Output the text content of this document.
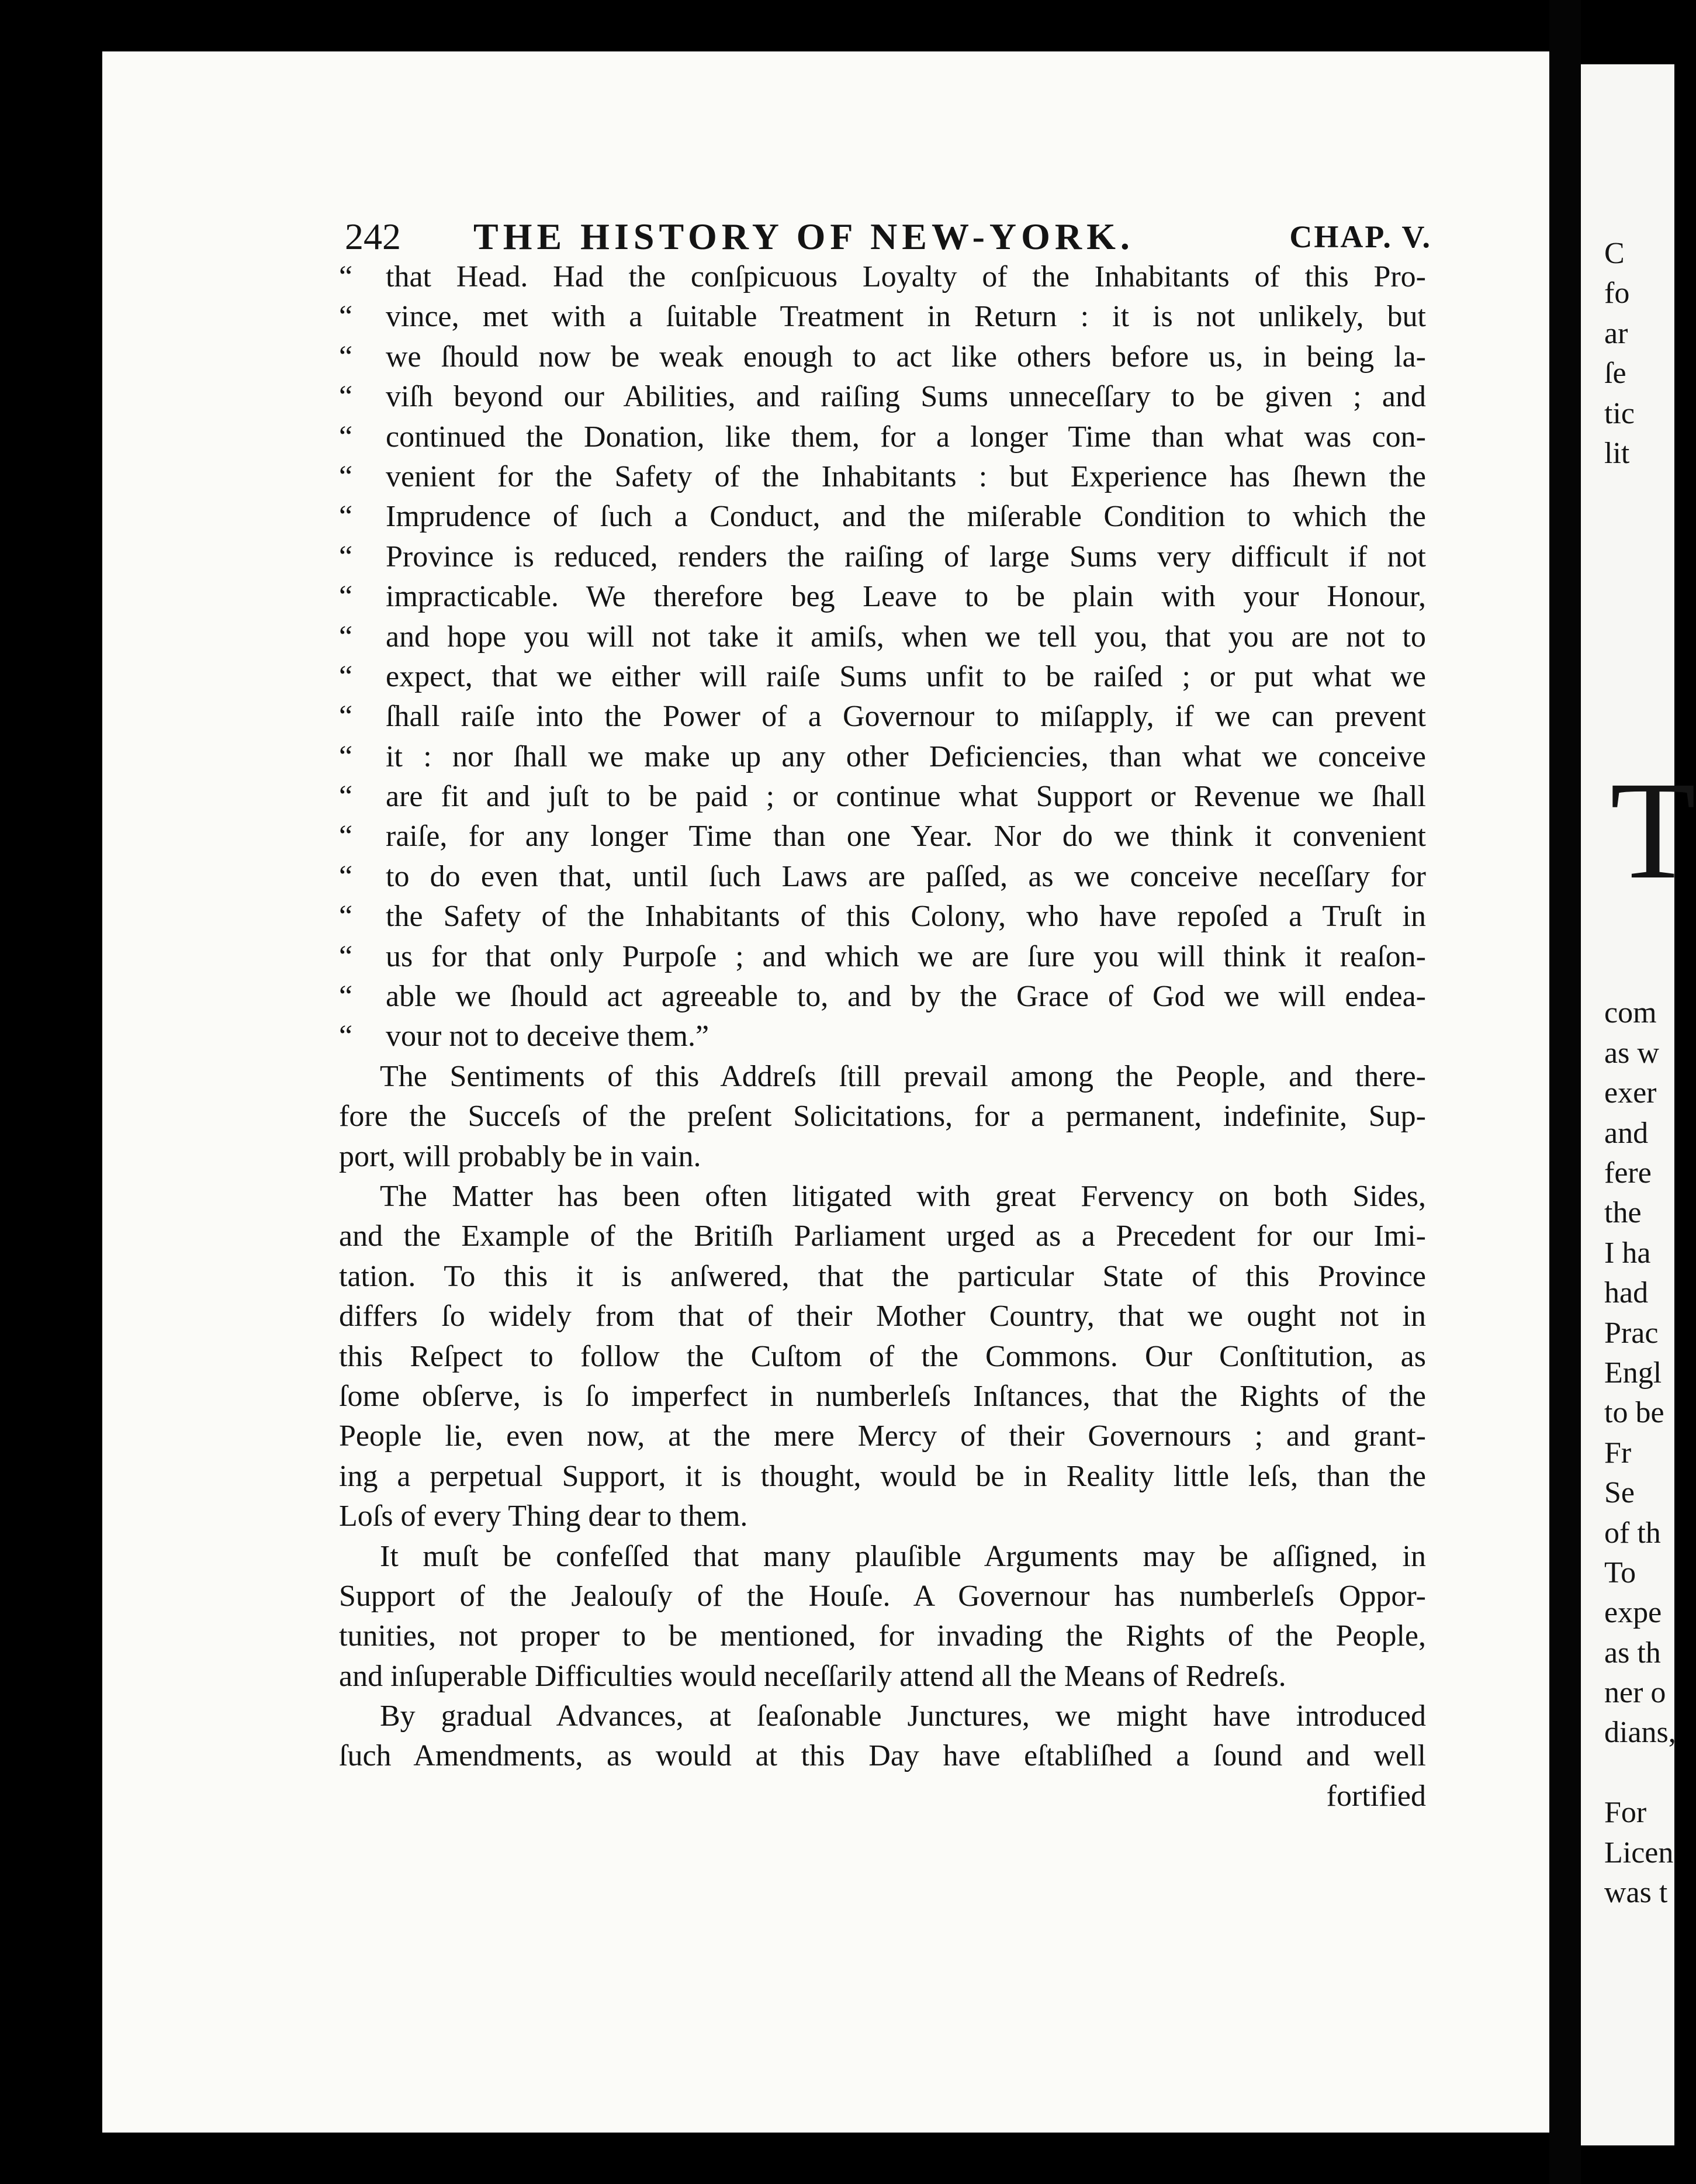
242 THE HISTORY OF NEW-YORK.	CHAP. V.
“	that Head. Had the conſpicuous Loyalty of the Inhabitants of this Pro-
“	vince, met with a ſuitable Treatment in Return : it is not unlikely, but
“	we ſhould now be weak enough to act like others before us, in being la-
“	viſh beyond our Abilities, and raiſing Sums unneceſſary to be given ; and
“	continued the Donation, like them, for a longer Time than what was con-
“	venient for the Safety of the Inhabitants : but Experience has ſhewn the
“	Imprudence of ſuch a Conduct, and the miſerable Condition to which the
“	Province is reduced, renders the raiſing of large Sums very difficult if not
“	impracticable. We therefore beg Leave to be plain with your Honour,
“	and hope you will not take it amiſs, when we tell you, that you are not to
“	expect, that we either will raiſe Sums unfit to be raiſed ; or put what we
“	ſhall raiſe into the Power of a Governour to miſapply, if we can prevent
“	it : nor ſhall we make up any other Deficiencies, than what we conceive
“	are fit and juſt to be paid ; or continue what Support or Revenue we ſhall
“	raiſe, for any longer Time than one Year. Nor do we think it convenient
“	to do even that, until ſuch Laws are paſſed, as we conceive neceſſary for
“	the Safety of the Inhabitants of this Colony, who have repoſed a Truſt in
“	us for that only Purpoſe ; and which we are ſure you will think it reaſon-
“	able we ſhould act agreeable to, and by the Grace of God we will endea-
“	vour not to deceive them.”
The Sentiments of this Addreſs ſtill prevail among the People, and there-
fore the Succeſs of the preſent Solicitations, for a permanent, indefinite, Sup-
port, will probably be in vain.
The Matter has been often litigated with great Fervency on both Sides,
and the Example of the Britiſh Parliament urged as a Precedent for our Imi-
tation. To this it is anſwered, that the particular State of this Province
differs ſo widely from that of their Mother Country, that we ought not in
this Reſpect to follow the Cuſtom of the Commons. Our Conſtitution, as
ſome obſerve, is ſo imperfect in numberleſs Inſtances, that the Rights of the
People lie, even now, at the mere Mercy of their Governours ; and grant-
ing a perpetual Support, it is thought, would be in Reality little leſs, than the
Loſs of every Thing dear to them.
It muſt be confeſſed that many plauſible Arguments may be aſſigned, in
Support of the Jealouſy of the Houſe. A Governour has numberleſs Oppor-
tunities, not proper to be mentioned, for invading the Rights of the People,
and inſuperable Difficulties would neceſſarily attend all the Means of Redreſs.
By gradual Advances, at ſeaſonable Junctures, we might have introduced
ſuch Amendments, as would at this Day have eſtabliſhed a ſound and well
fortified
C
fo
ar
ſe
tic
lit
com
as w
exer
and
fere
the
I ha
had
Prac
Engl
to be
Fr
Se
of th
To
expe
as th
ner o
dians,
For
Licen
was t
T
